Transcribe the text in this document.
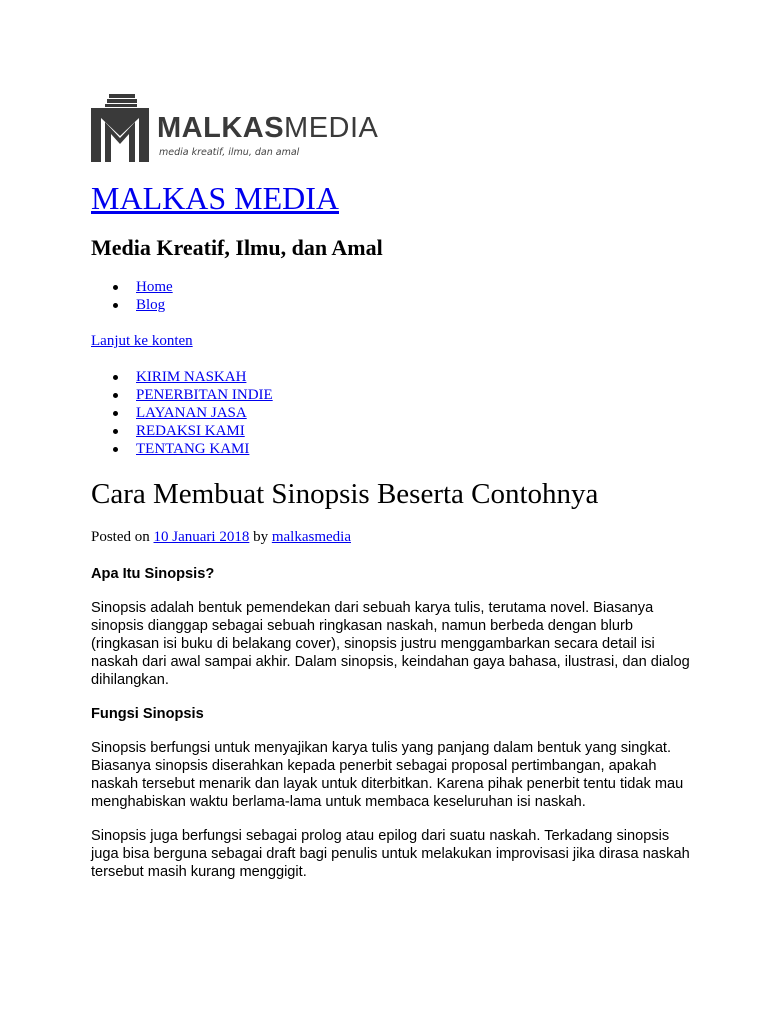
MALKASMEDIA
media kreatif, ilmu, dan amal
MALKAS MEDIA

Media Kreatif, Ilmu, dan Amal

Home
Blog
Lanjut ke konten
KIRIM NASKAH
PENERBITAN INDIE
LAYANAN JASA
REDAKSI KAMI
TENTANG KAMI
Cara Membuat Sinopsis Beserta Contohnya
Posted on 10 Januari 2018 by malkasmedia
Apa Itu Sinopsis?

Sinopsis adalah bentuk pemendekan dari sebuah karya tulis, terutama novel. Biasanya sinopsis dianggap sebagai sebuah ringkasan naskah, namun berbeda dengan blurb (ringkasan isi buku di belakang cover), sinopsis justru menggambarkan secara detail isi naskah dari awal sampai akhir. Dalam sinopsis, keindahan gaya bahasa, ilustrasi, dan dialog dihilangkan.

Fungsi Sinopsis

Sinopsis berfungsi untuk menyajikan karya tulis yang panjang dalam bentuk yang singkat. Biasanya sinopsis diserahkan kepada penerbit sebagai proposal pertimbangan, apakah naskah tersebut menarik dan layak untuk diterbitkan. Karena pihak penerbit tentu tidak mau menghabiskan waktu berlama-lama untuk membaca keseluruhan isi naskah.

Sinopsis juga berfungsi sebagai prolog atau epilog dari suatu naskah. Terkadang sinopsis juga bisa berguna sebagai draft bagi penulis untuk melakukan improvisasi jika dirasa naskah tersebut masih kurang menggigit.
